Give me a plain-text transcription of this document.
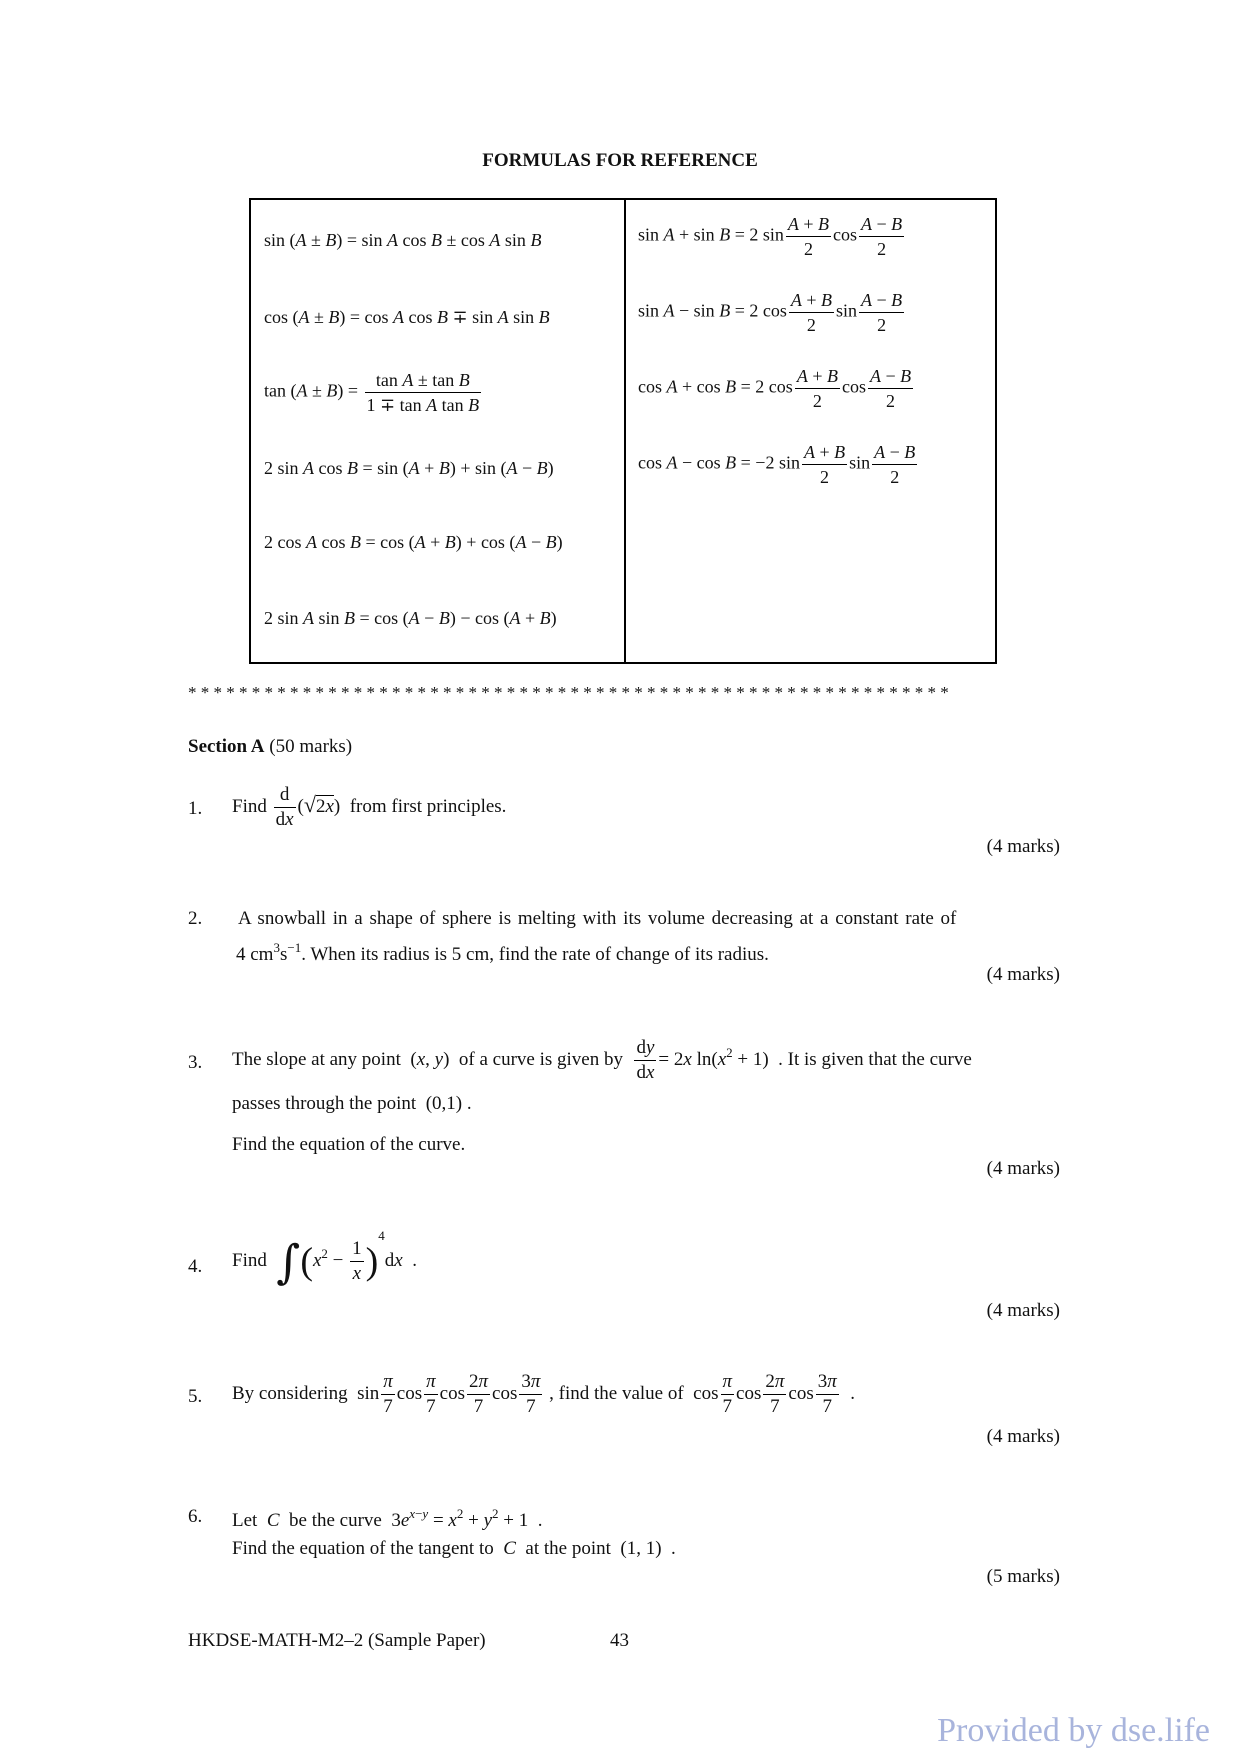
FORMULAS FOR REFERENCE
sin (A ± B) = sin A cos B ± cos A sin B
cos (A ± B) = cos A cos B ∓ sin A sin B
$\tan (A \pm B) = \frac{\text{tan A ± tan B}}{\text{1 ∓ tan A tan B}}$
2 sin A cos B = sin (A + B) + sin (A − B)
2 cos A cos B = cos (A + B) + cos (A − B)
2 sin A sin B = cos (A − B) − cos (A + B)
sin A + sin B = 2 $\sin \frac{A + B}{2}$ $\cos \frac{A - B}{2}$
sin A − sin B = 2 $\cos \frac{A + B}{2}$ $\sin \frac{A - B}{2}$
cos A + cos B = 2 $\cos \frac{A + B}{2}$ $\cos \frac{A - B}{2}$
cos A − cos B = −2 $\sin \frac{A + B}{2}$ $\sin \frac{A - B}{2}$
* * * * * * * * * * * * * * * * * * * * * * * * * * * * * * * * * * * * * * * * * * * * * * * * * * * * * * * * * * * *
Section A (50 marks)
1. Find $\frac{d}{dx} (√2x)$  from first principles.
(4 marks)
2. A snowball in a shape of sphere is melting with its volume decreasing at a constant rate of
4 $cm^3s^{-1}$. When its radius is 5 cm, find the rate of change of its radius.
(4 marks)
3. The slope at any point  (x, y)  of a curve is given by $\frac{dy}{dx} = 2x$ $\ln(x^2 + 1)$  . It is given that the curve
passes through the point  (0,1) .
Find the equation of the curve.
(4 marks)
4. Find $\int(x^2 - \frac{1}{x} )^4dx$  .
(4 marks)
5. By considering  $\sin \frac{\pi}{7}$ $\cos \frac{\pi}{7}$ $\cos \frac{2\pi}{7}$ $\cos \frac{3\pi}{7}$ , find the value of  $\cos \frac{\pi}{7}$ $\cos \frac{2\pi}{7}$ $\cos \frac{3\pi}{7}$ .
(4 marks)
6. Let C be the curve  $3e^{x-y} = x^2 + y^2 + 1$  .
Find the equation of the tangent to C at the point  (1, 1)  .
(5 marks)
HKDSE-MATH-M2–2 (Sample Paper)	43
Provided by dse.life
